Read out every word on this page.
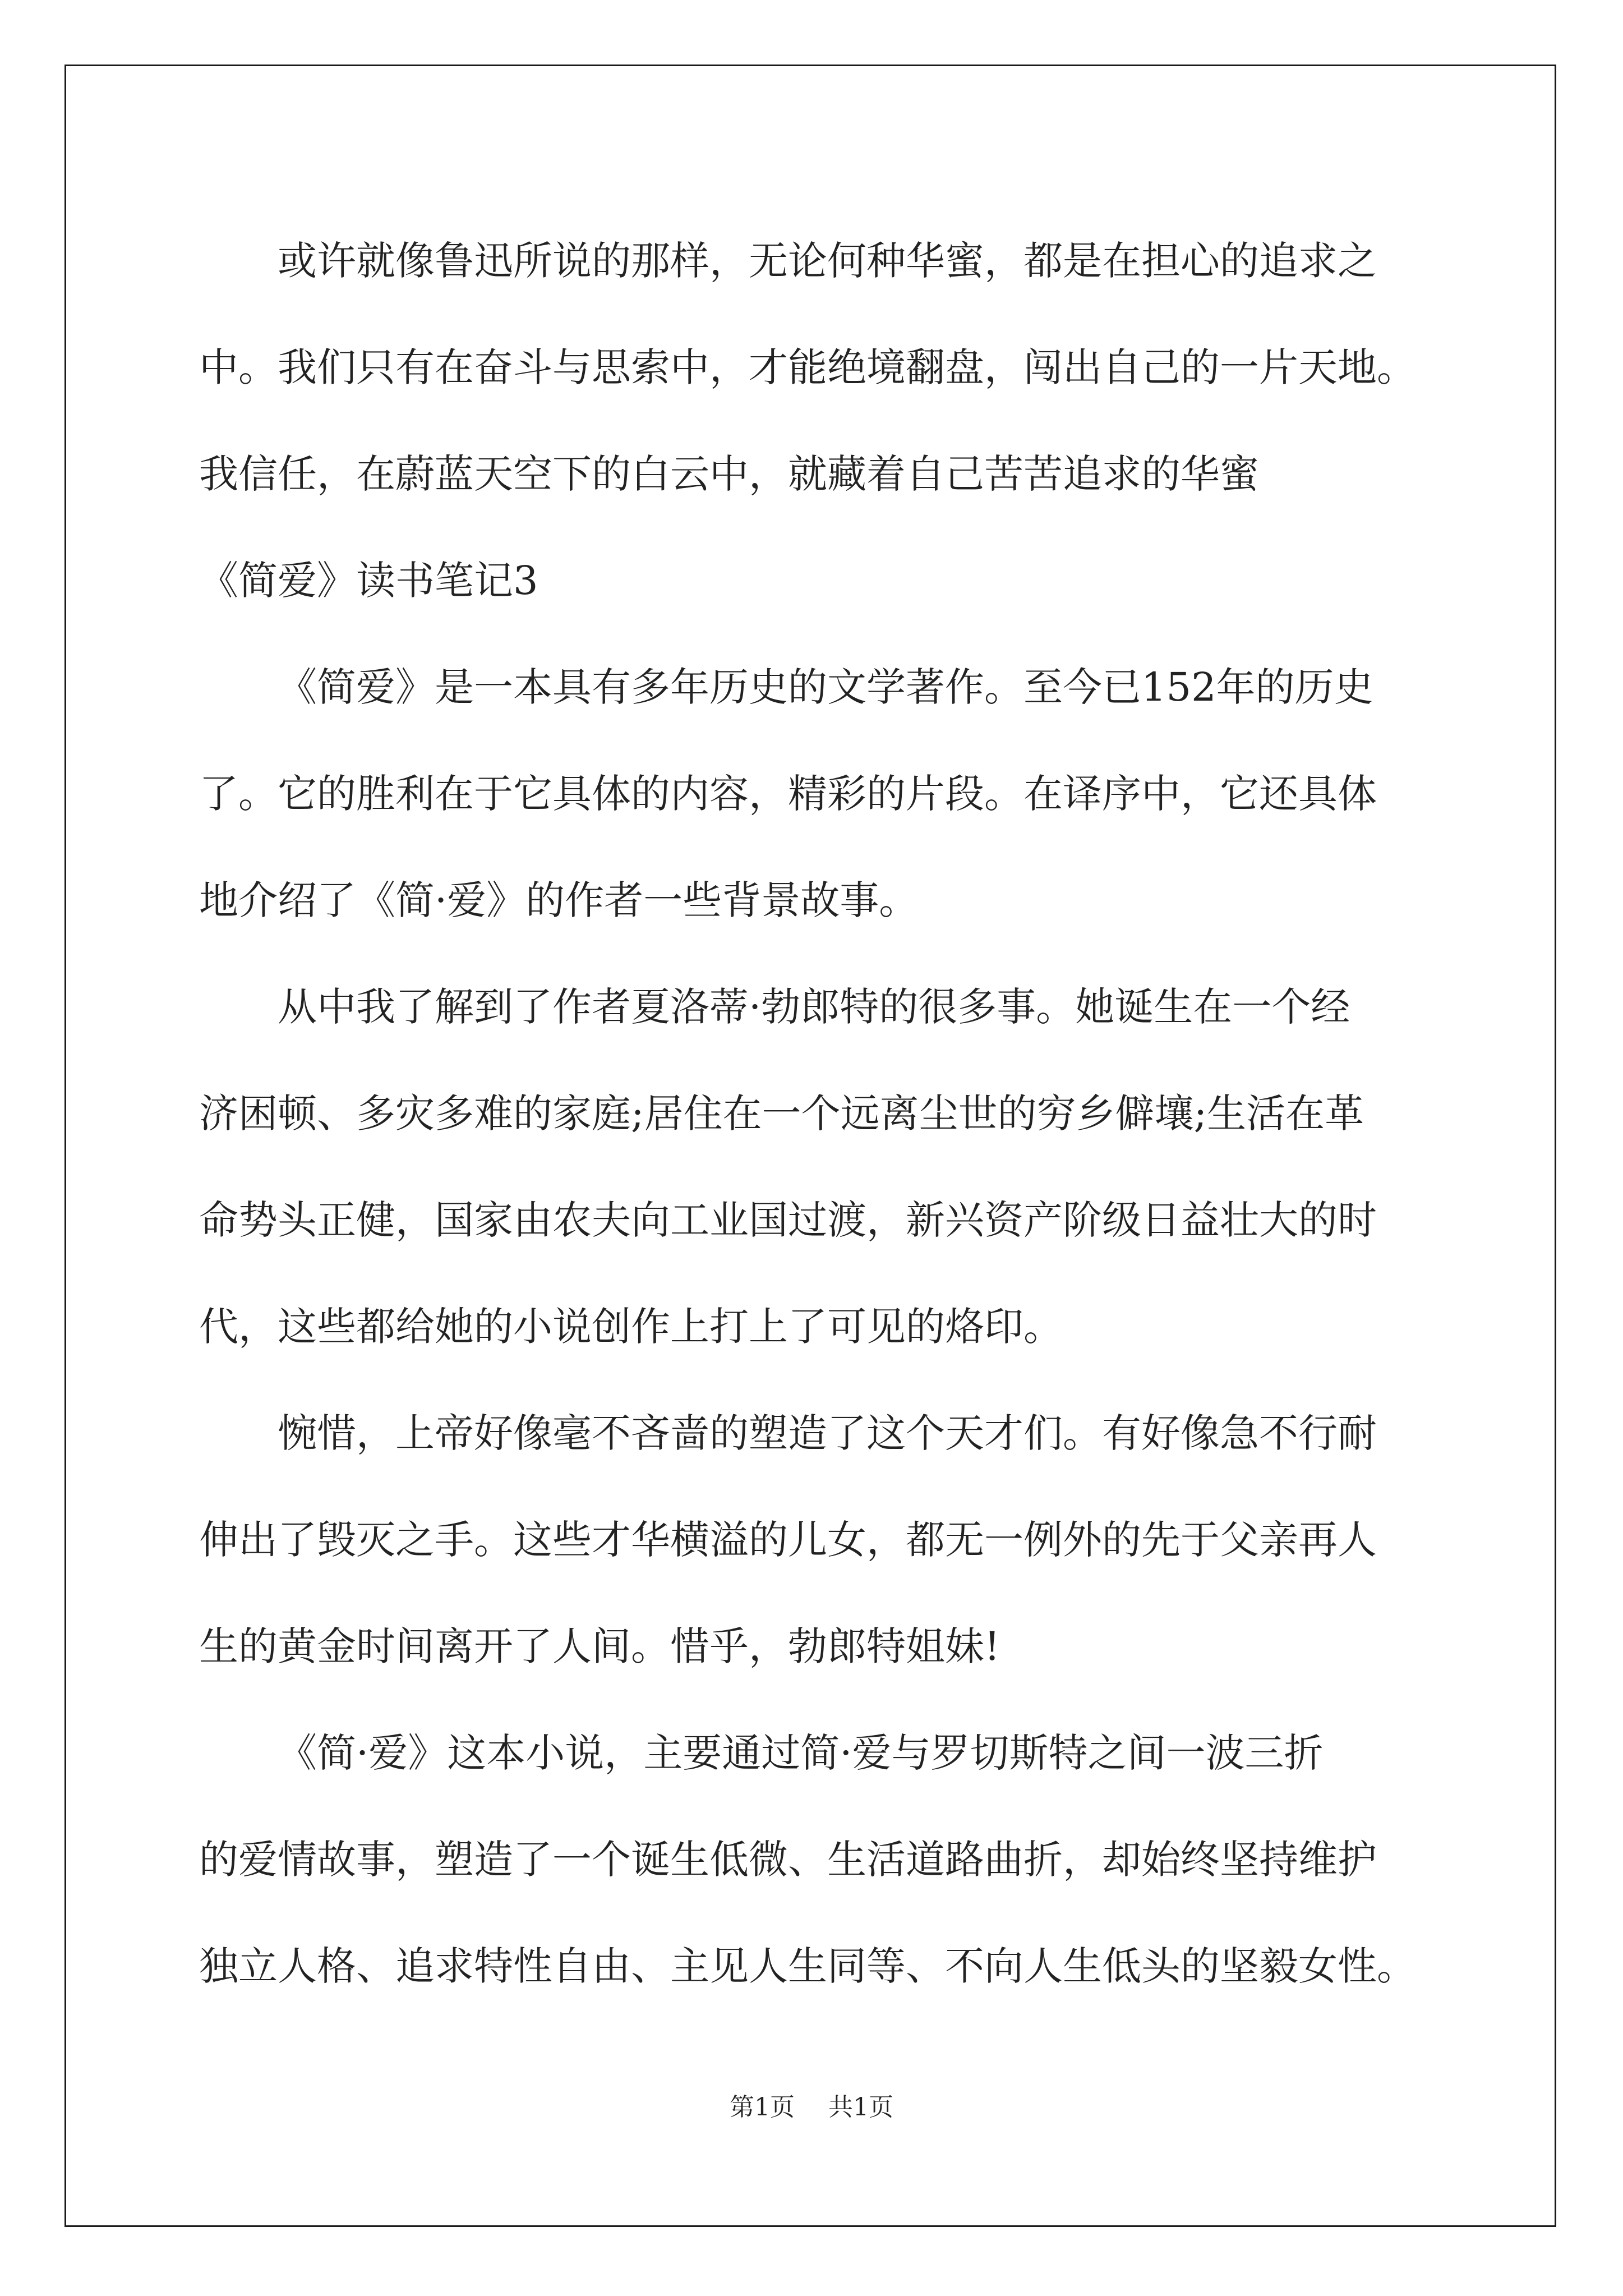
或许就像鲁迅所说的那样，无论何种华蜜，都是在担心的追求之
中。我们只有在奋斗与思索中，才能绝境翻盘，闯出自己的一片天地。
我信任，在蔚蓝天空下的白云中，就藏着自己苦苦追求的华蜜
《简爱》读书笔记3
《简爱》是一本具有多年历史的文学著作。至今已152年的历史
了。它的胜利在于它具体的内容，精彩的片段。在译序中，它还具体
地介绍了《简·爱》的作者一些背景故事。
从中我了解到了作者夏洛蒂·勃郎特的很多事。她诞生在一个经
济困顿、多灾多难的家庭;居住在一个远离尘世的穷乡僻壤;生活在革
命势头正健，国家由农夫向工业国过渡，新兴资产阶级日益壮大的时
代，这些都给她的小说创作上打上了可见的烙印。
惋惜，上帝好像毫不吝啬的塑造了这个天才们。有好像急不行耐
伸出了毁灭之手。这些才华横溢的儿女，都无一例外的先于父亲再人
生的黄金时间离开了人间。惜乎，勃郎特姐妹!
《简·爱》这本小说，主要通过简·爱与罗切斯特之间一波三折
的爱情故事，塑造了一个诞生低微、生活道路曲折，却始终坚持维护
独立人格、追求特性自由、主见人生同等、不向人生低头的坚毅女性。
第1页 共1页
